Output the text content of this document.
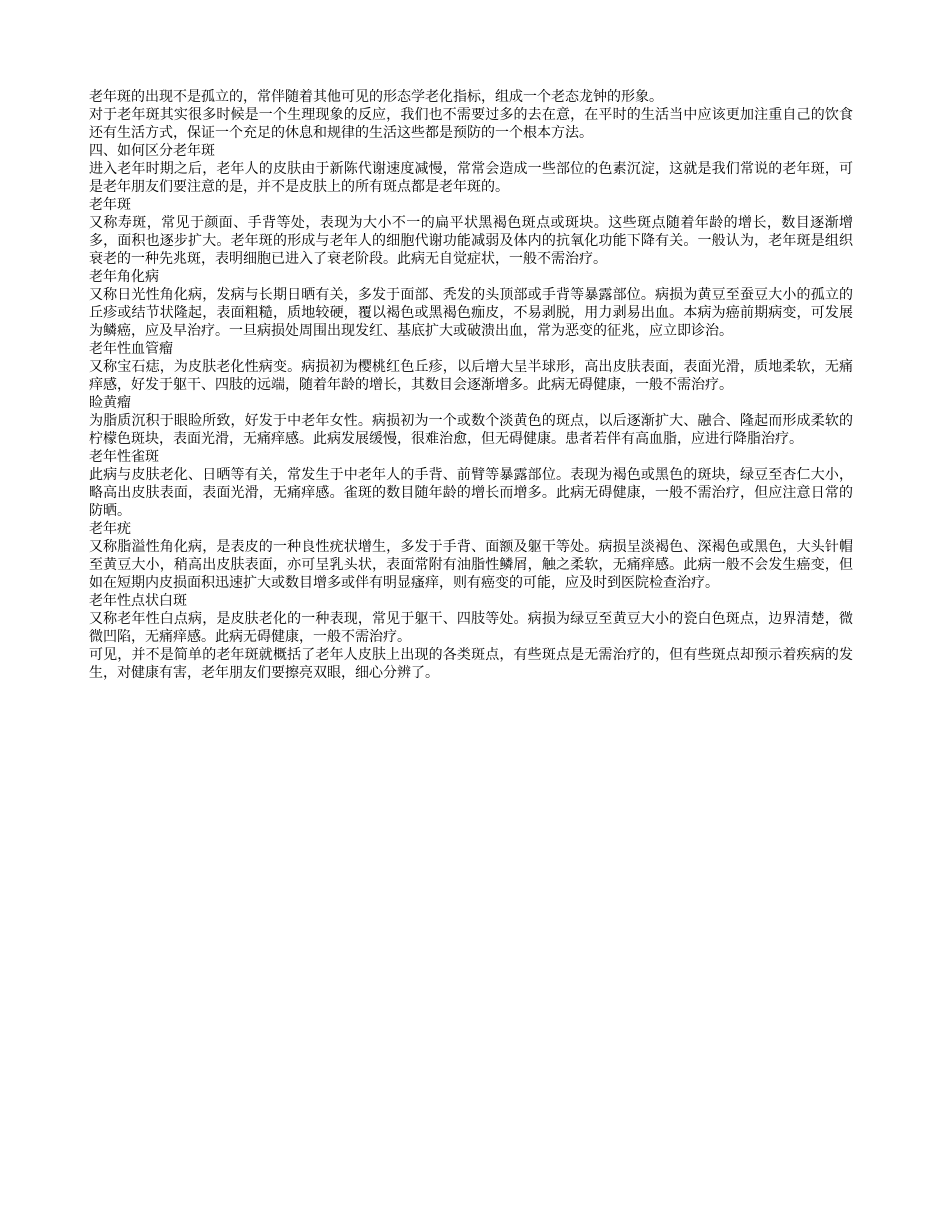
老年斑的出现不是孤立的，常伴随着其他可见的形态学老化指标，组成一个老态龙钟的形象。

对于老年斑其实很多时候是一个生理现象的反应，我们也不需要过多的去在意，在平时的生活当中应该更加注重自己的饮食还有生活方式，保证一个充足的休息和规律的生活这些都是预防的一个根本方法。

四、如何区分老年斑

进入老年时期之后，老年人的皮肤由于新陈代谢速度减慢，常常会造成一些部位的色素沉淀，这就是我们常说的老年斑，可是老年朋友们要注意的是，并不是皮肤上的所有斑点都是老年斑的。

老年斑

又称寿斑，常见于颜面、手背等处，表现为大小不一的扁平状黑褐色斑点或斑块。这些斑点随着年龄的增长，数目逐渐增多，面积也逐步扩大。老年斑的形成与老年人的细胞代谢功能减弱及体内的抗氧化功能下降有关。一般认为，老年斑是组织衰老的一种先兆斑，表明细胞已进入了衰老阶段。此病无自觉症状，一般不需治疗。

老年角化病

又称日光性角化病，发病与长期日晒有关，多发于面部、秃发的头顶部或手背等暴露部位。病损为黄豆至蚕豆大小的孤立的丘疹或结节状隆起，表面粗糙，质地较硬，覆以褐色或黑褐色痂皮，不易剥脱，用力剥易出血。本病为癌前期病变，可发展为鳞癌，应及早治疗。一旦病损处周围出现发红、基底扩大或破溃出血，常为恶变的征兆，应立即诊治。

老年性血管瘤

又称宝石痣，为皮肤老化性病变。病损初为樱桃红色丘疹，以后增大呈半球形，高出皮肤表面，表面光滑，质地柔软，无痛痒感，好发于躯干、四肢的远端，随着年龄的增长，其数目会逐渐增多。此病无碍健康，一般不需治疗。

睑黄瘤

为脂质沉积于眼睑所致，好发于中老年女性。病损初为一个或数个淡黄色的斑点，以后逐渐扩大、融合、隆起而形成柔软的柠檬色斑块，表面光滑，无痛痒感。此病发展缓慢，很难治愈，但无碍健康。患者若伴有高血脂，应进行降脂治疗。

老年性雀斑

此病与皮肤老化、日晒等有关，常发生于中老年人的手背、前臂等暴露部位。表现为褐色或黑色的斑块，绿豆至杏仁大小，略高出皮肤表面，表面光滑，无痛痒感。雀斑的数目随年龄的增长而增多。此病无碍健康，一般不需治疗，但应注意日常的防晒。

老年疣

又称脂溢性角化病，是表皮的一种良性疣状增生，多发于手背、面额及躯干等处。病损呈淡褐色、深褐色或黑色，大头针帽至黄豆大小，稍高出皮肤表面，亦可呈乳头状，表面常附有油脂性鳞屑，触之柔软，无痛痒感。此病一般不会发生癌变，但如在短期内皮损面积迅速扩大或数目增多或伴有明显瘙痒，则有癌变的可能，应及时到医院检查治疗。

老年性点状白斑

又称老年性白点病，是皮肤老化的一种表现，常见于躯干、四肢等处。病损为绿豆至黄豆大小的瓷白色斑点，边界清楚，微微凹陷，无痛痒感。此病无碍健康，一般不需治疗。

可见，并不是简单的老年斑就概括了老年人皮肤上出现的各类斑点，有些斑点是无需治疗的，但有些斑点却预示着疾病的发生，对健康有害，老年朋友们要擦亮双眼，细心分辨了。
